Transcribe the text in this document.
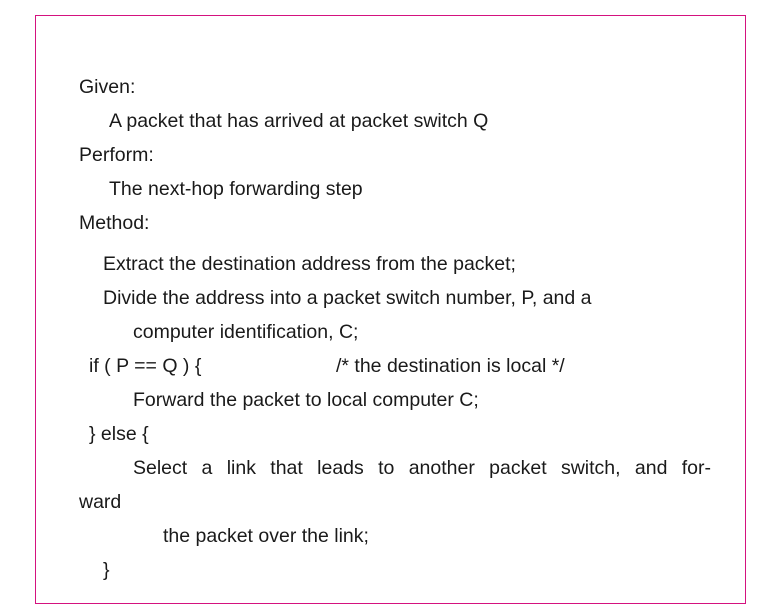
Given:
A packet that has arrived at packet switch Q
Perform:
The next-hop forwarding step
Method:
Extract the destination address from the packet;
Divide the address into a packet switch number, P, and a
computer identification, C;
if ( P == Q ) {	/* the destination is local */
Forward the packet to local computer C;
} else {
Select a link that leads to another packet switch, and for-
ward
the packet over the link;
}
